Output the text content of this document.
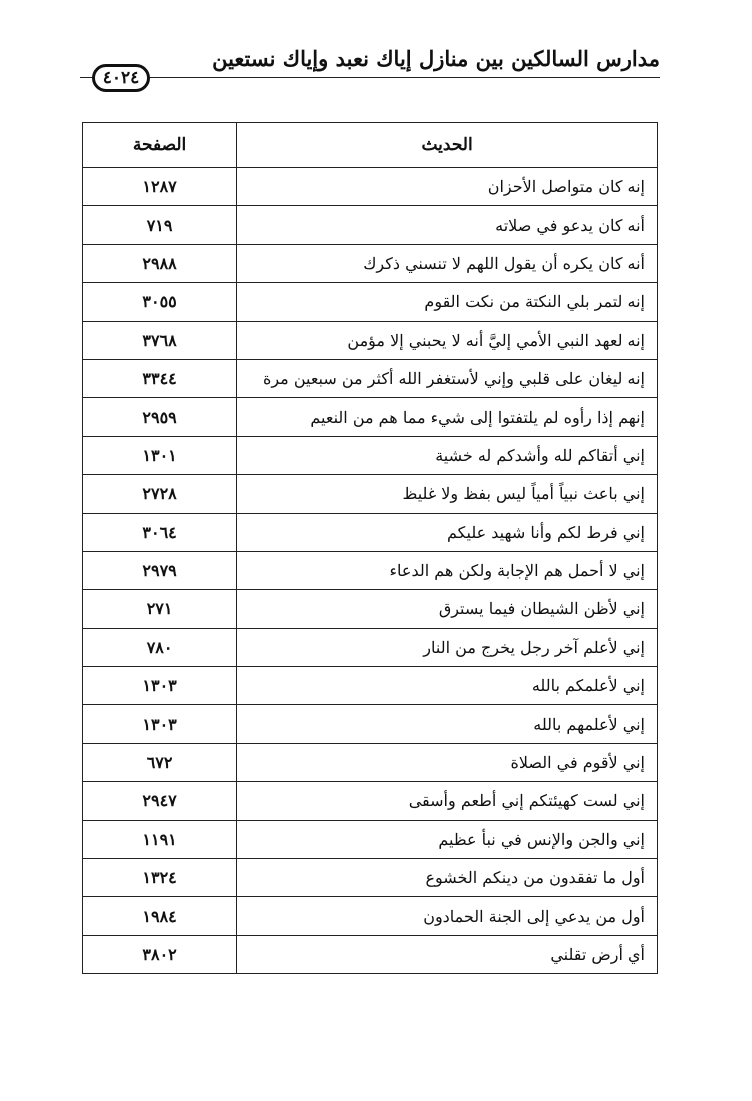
مدارس السالكين بين منازل إياك نعبد وإياك نستعين
٤٠٢٤
الحديث	الصفحة
إنه كان متواصل الأحزان	١٢٨٧
أنه كان يدعو في صلاته	٧١٩
أنه كان يكره أن يقول اللهم لا تنسني ذكرك	٢٩٨٨
إنه لتمر بلي النكتة من نكت القوم	٣٠٥٥
إنه لعهد النبي الأمي إليَّ أنه لا يحبني إلا مؤمن	٣٧٦٨
إنه ليغان على قلبي وإني لأستغفر الله أكثر من سبعين مرة	٣٣٤٤
إنهم إذا رأوه لم يلتفتوا إلى شيء مما هم من النعيم	٢٩٥٩
إني أتقاكم لله وأشدكم له خشية	١٣٠١
إني باعث نبياً أمياً ليس بفظ ولا غليظ	٢٧٢٨
إني فرط لكم وأنا شهيد عليكم	٣٠٦٤
إني لا أحمل هم الإجابة ولكن هم الدعاء	٢٩٧٩
إني لأظن الشيطان فيما يسترق	٢٧١
إني لأعلم آخر رجل يخرج من النار	٧٨٠
إني لأعلمكم بالله	١٣٠٣
إني لأعلمهم بالله	١٣٠٣
إني لأقوم في الصلاة	٦٧٢
إني لست كهيئتكم إني أطعم وأسقى	٢٩٤٧
إني والجن والإنس في نبأ عظيم	١١٩١
أول ما تفقدون من دينكم الخشوع	١٣٢٤
أول من يدعي إلى الجنة الحمادون	١٩٨٤
أي أرض تقلني	٣٨٠٢
